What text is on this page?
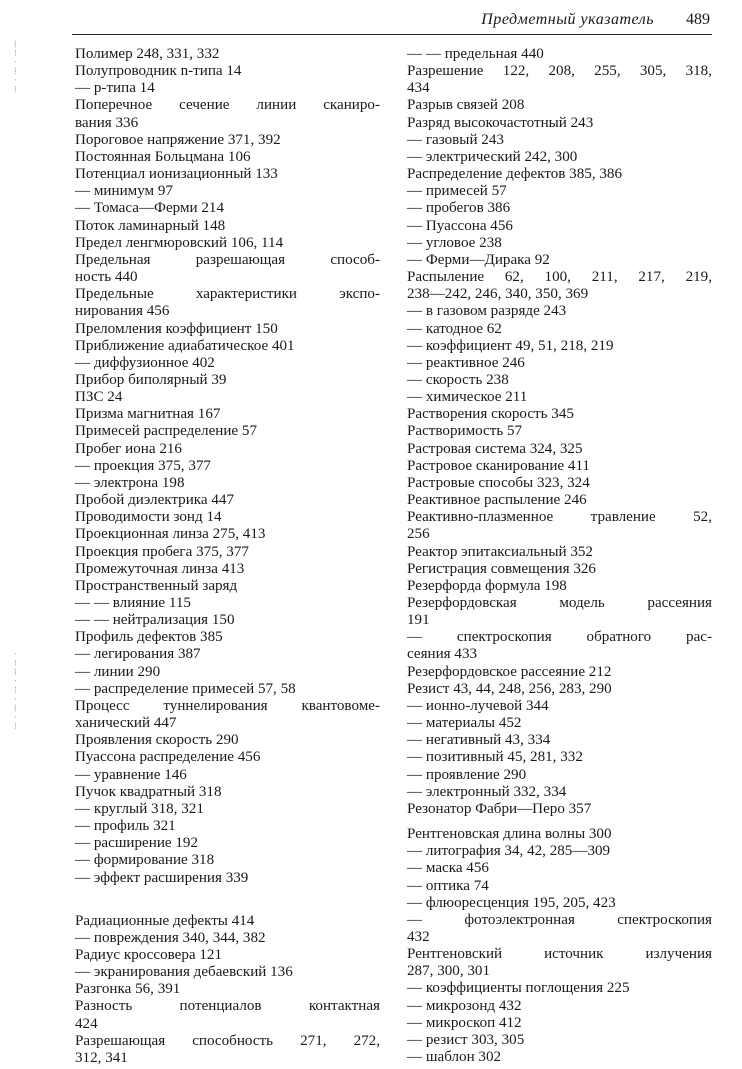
Предметный указатель 489
⁞
⁝
·
⁞
·
⁝
·
⁝
⁞
·
⁝
·
⁞
·
⁝
Полимер 248, 331, 332
Полупроводник n-типа 14
— p-типа 14
Поперечное сечение линии сканиро-
вания 336
Пороговое напряжение 371, 392
Постоянная Больцмана 106
Потенциал ионизационный 133
— минимум 97
— Томаса—Ферми 214
Поток ламинарный 148
Предел ленгмюровский 106, 114
Предельная разрешающая способ-
ность 440
Предельные характеристики экспо-
нирования 456
Преломления коэффициент 150
Приближение адиабатическое 401
— диффузионное 402
Прибор биполярный 39
ПЗС 24
Призма магнитная 167
Примесей распределение 57
Пробег иона 216
— проекция 375, 377
— электрона 198
Пробой диэлектрика 447
Проводимости зонд 14
Проекционная линза 275, 413
Проекция пробега 375, 377
Промежуточная линза 413
Пространственный заряд
— — влияние 115
— — нейтрализация 150
Профиль дефектов 385
— легирования 387
— линии 290
— распределение примесей 57, 58
Процесс туннелирования квантовоме-
ханический 447
Проявления скорость 290
Пуассона распределение 456
— уравнение 146
Пучок квадратный 318
— круглый 318, 321
— профиль 321
— расширение 192
— формирование 318
— эффект расширения 339
Радиационные дефекты 414
— повреждения 340, 344, 382
Радиус кроссовера 121
— экранирования дебаевский 136
Разгонка 56, 391
Разность потенциалов контактная
424
Разрешающая способность 271, 272,
312, 341
— — предельная 440
Разрешение 122, 208, 255, 305, 318,
434
Разрыв связей 208
Разряд высокочастотный 243
— газовый 243
— электрический 242, 300
Распределение дефектов 385, 386
— примесей 57
— пробегов 386
— Пуассона 456
— угловое 238
— Ферми—Дирака 92
Распыление 62, 100, 211, 217, 219,
238—242, 246, 340, 350, 369
— в газовом разряде 243
— катодное 62
— коэффициент 49, 51, 218, 219
— реактивное 246
— скорость 238
— химическое 211
Растворения скорость 345
Растворимость 57
Растровая система 324, 325
Растровое сканирование 411
Растровые способы 323, 324
Реактивное распыление 246
Реактивно-плазменное травление 52,
256
Реактор эпитаксиальный 352
Регистрация совмещения 326
Резерфорда формула 198
Резерфордовская модель рассеяния
191
— спектроскопия обратного рас-
сеяния 433
Резерфордовское рассеяние 212
Резист 43, 44, 248, 256, 283, 290
— ионно-лучевой 344
— материалы 452
— негативный 43, 334
— позитивный 45, 281, 332
— проявление 290
— электронный 332, 334
Резонатор Фабри—Перо 357
Рентгеновская длина волны 300
— литография 34, 42, 285—309
— маска 456
— оптика 74
— флюоресценция 195, 205, 423
— фотоэлектронная спектроскопия
432
Рентгеновский источник излучения
287, 300, 301
— коэффициенты поглощения 225
— микрозонд 432
— микроскоп 412
— резист 303, 305
— шаблон 302
